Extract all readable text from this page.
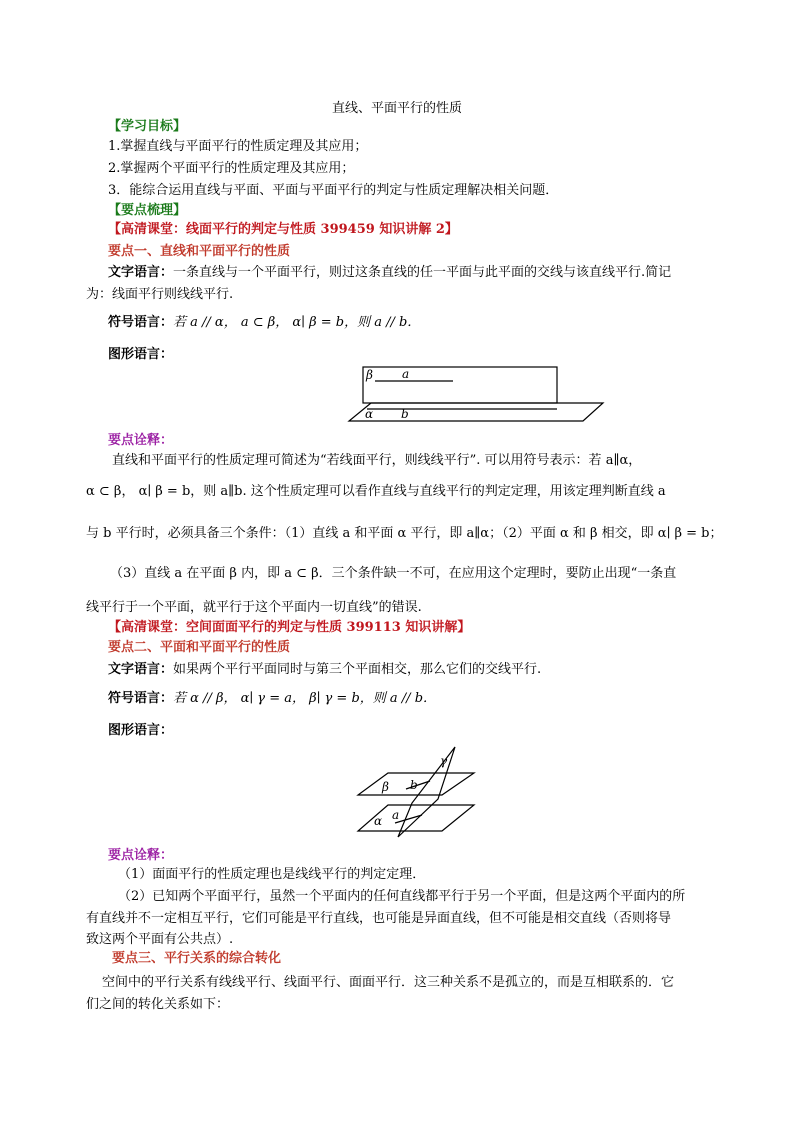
直线、平面平行的性质
【学习目标】
1.掌握直线与平面平行的性质定理及其应用；
2.掌握两个平面平行的性质定理及其应用；
3．能综合运用直线与平面、平面与平面平行的判定与性质定理解决相关问题．
【要点梳理】
【高清课堂：线面平行的判定与性质 399459 知识讲解 2】
要点一、直线和平面平行的性质
文字语言：一条直线与一个平面平行，则过这条直线的任一平面与此平面的交线与该直线平行.简记
为：线面平行则线线平行.
符号语言：若 a // α， a ⊂ β， α∣ β = b，则 a // b．
图形语言：
β a
α b
要点诠释：
直线和平面平行的性质定理可简述为“若线面平行，则线线平行”. 可以用符号表示：若 a∥α，
α ⊂ β， α∣ β = b，则 a∥b. 这个性质定理可以看作直线与直线平行的判定定理，用该定理判断直线 a
与 b 平行时，必须具备三个条件：（1）直线 a 和平面 α 平行，即 a∥α；（2）平面 α 和 β 相交，即 α∣ β = b；
（3）直线 a 在平面 β 内，即 a ⊂ β．三个条件缺一不可，在应用这个定理时，要防止出现“一条直
线平行于一个平面，就平行于这个平面内一切直线”的错误.
【高清课堂：空间面面平行的判定与性质 399113 知识讲解】
要点二、平面和平面平行的性质
文字语言：如果两个平行平面同时与第三个平面相交，那么它们的交线平行.
符号语言：若 α // β， α∣ γ = a， β∣ γ = b，则 a // b．
图形语言：
γ
β b
α a
要点诠释：
（1）面面平行的性质定理也是线线平行的判定定理．
（2）已知两个平面平行，虽然一个平面内的任何直线都平行于另一个平面，但是这两个平面内的所
有直线并不一定相互平行，它们可能是平行直线，也可能是异面直线，但不可能是相交直线（否则将导
致这两个平面有公共点）.
要点三、平行关系的综合转化
空间中的平行关系有线线平行、线面平行、面面平行．这三种关系不是孤立的，而是互相联系的．它
们之间的转化关系如下：
